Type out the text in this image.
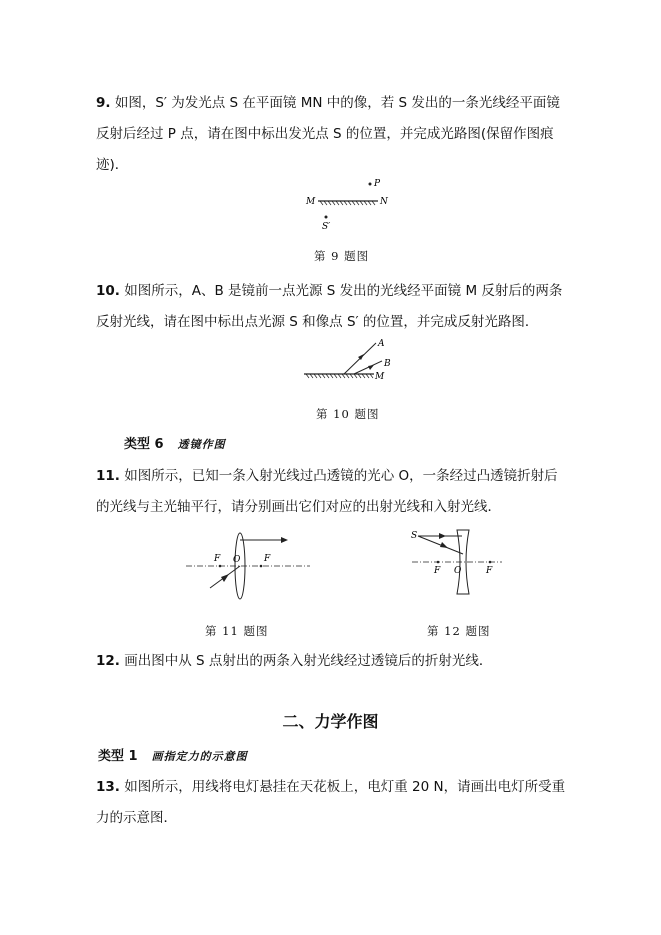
9. 如图，S′ 为发光点 S 在平面镜 MN 中的像，若 S 发出的一条光线经平面镜反射后经过 P 点，请在图中标出发光点 S 的位置，并完成光路图(保留作图痕迹)．
M	N
P
S′
第 9 题图
10. 如图所示，A、B 是镜前一点光源 S 发出的光线经平面镜 M 反射后的两条反射光线，请在图中标出点光源 S 和像点 S′ 的位置，并完成反射光路图．
A
B
M
第 10 题图
类型 6 透镜作图
11. 如图所示，已知一条入射光线过凸透镜的光心 O，一条经过凸透镜折射后的光线与主光轴平行，请分别画出它们对应的出射光线和入射光线．
F O	F
S
F O	F
第 11 题图	第 12 题图
12. 画出图中从 S 点射出的两条入射光线经过透镜后的折射光线．
二、力学作图
类型 1 画指定力的示意图
13. 如图所示，用线将电灯悬挂在天花板上，电灯重 20 N，请画出电灯所受重力的示意图．
